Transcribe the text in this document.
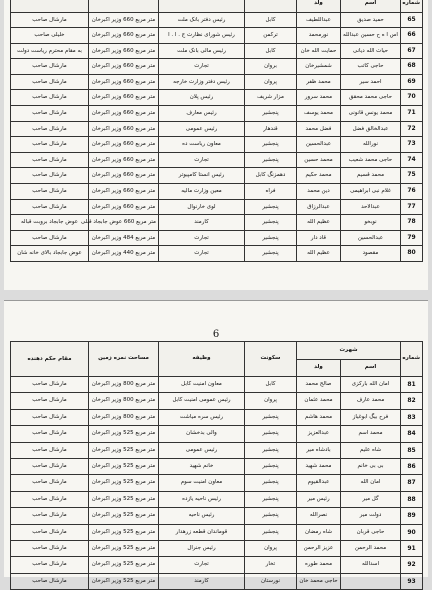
شماره	اسم	ولد				
65	حمید صدیق	عبداللطیف	کابل	رئیس دفتر بانک ملت	متر مربع 660 وزیر اکبرخان	مارشال صاحب
66	اس ا ه ح حسین عبدالله	نورمحمد	ترکمن	رئیس شورای نظارت ج . ا . ا	متر مربع 660 وزیر اکبرخان	خلیلی صاحب
67	حیات الله دیانی	حمایت الله خان	کابل	رئیس مالی بانک ملت	متر مربع 660 وزیر اکبرخان	به مقام محترم ریاست دولت
68	حاجی کاتب	شمشیرخان	بروان	تجارت	متر مربع 660 وزیر اکبرخان	مارشال صاحب
69	احمد سیر	محمد ظفر	پروان	رئیس دفتر وزارت خارجه	متر مربع 660 وزیر اکبرخان	مارشال صاحب
70	حاجی محمد محقق	محمد سرور	مزار شریف	رئیس پلان	متر مربع 660 وزیر اکبرخان	مارشال صاحب
71	محمد یونس قانونی	محمد یوسف	پنجشیر	رئیس معارف	متر مربع 660 وزیر اکبرخان	مارشال صاحب
72	عبدالخالق فضل	فضل محمد	قندهار	رئیس عمومی	متر مربع 660 وزیر اکبرخان	مارشال صاحب
73	نورالله	عبدالحسین	پنجشیر	معاون ریاست ده	متر مربع 660 وزیر اکبرخان	مارشال صاحب
74	حاجی محمد شعیب	محمد حسین	پنجشیر	تجارت	متر مربع 660 وزیر اکبرخان	مارشال صاحب
75	محمد قسیم	محمد حکیم	دهمزنگ کابل	رئیس انستا کامپیوتر	متر مربع 660 وزیر اکبرخان	مارشال صاحب
76	غلام نبی ابراهیمی	دین محمد	فراه	معین وزارت مالیه	متر مربع 660 وزیر اکبرخان	مارشال صاحب
77	عبدالاحد	عبدالرزاق	پنجشیر	لوی خارنوال	متر مربع 660 وزیر اکبرخان	مارشال صاحب
78	نوبخو	عظیم الله	پنجشیر	کارمند	متر مربع 660 عوض جابجاد قبلی	عوض جابجاد بروبت قباله
79	عبدالحسین	قاد دار	پنجشیر	تجارت	متر مربع 484 وزیر اکبرخان	مارشال صاحب
80	مقصود	عظیم الله	پنجشیر	تجارت	متر مربع 440 وزیر اکبرخان	عوض جابجاد بالای خانه شان
6
شماره	شهرت		سکونت	وظیفه	مساحت نمره زمین	مقام حکم دهنده
	اسم	ولد				
81	امان الله بارکزی	صالح محمد	کابل	معاون امنیت کابل	متر مربع 800 وزیر اکبرخان	مارشال صاحب
82	محمد عارف	محمد عثمان	پروان	رئیس عمومی امنیت کابل	متر مربع 800 وزیر اکبرخان	مارشال صاحب
83	فرح بیگ ابوغیاز	محمد هاشم	پنجشیر	رئیس سره میاشت	متر مربع 800 وزیر اکبرخان	مارشال صاحب
84	محمد اسم	عبدالعزیز	پنجشیر	والی بدخشان	متر مربع 525 وزیر اکبرخان	مارشال صاحب
85	شاه علیم	بادشاه میر	پنجشیر	رئیس عمومی	متر مربع 525 وزیر اکبرخان	مارشال صاحب
86	بی بی خانم	محمد شهید	پنجشیر	خانم شهید	متر مربع 525 وزیر اکبرخان	مارشال صاحب
87	امان الله	عبدالقیوم	پنجشیر	معاون امنیت سوم	متر مربع 525 وزیر اکبرخان	مارشال صاحب
88	گل میر	رئیس میر	پنجشیر	رئیس ناحیه یازده	متر مربع 525 وزیر اکبرخان	مارشال صاحب
89	دولت میر	نصرالله	پنجشیر	رئیس ناحیه	متر مربع 525 وزیر اکبرخان	مارشال صاحب
90	حاجی قربان	شاه رمضان	پنجشیر	قوماندان قطعه زرهدار	متر مربع 525 وزیر اکبرخان	مارشال صاحب
91	محمد الرحمن	عزیز الرحمن	پروان	رئیس جنرال	متر مربع 525 وزیر اکبرخان	مارشال صاحب
92	اسدالله	محمد طوره	تخار	تجارت	متر مربع 525 وزیر اکبرخان	مارشال صاحب
93		حاجی محمد خان	نورستان	کارمند	متر مربع 525 وزیر اکبرخان	مارشال صاحب
